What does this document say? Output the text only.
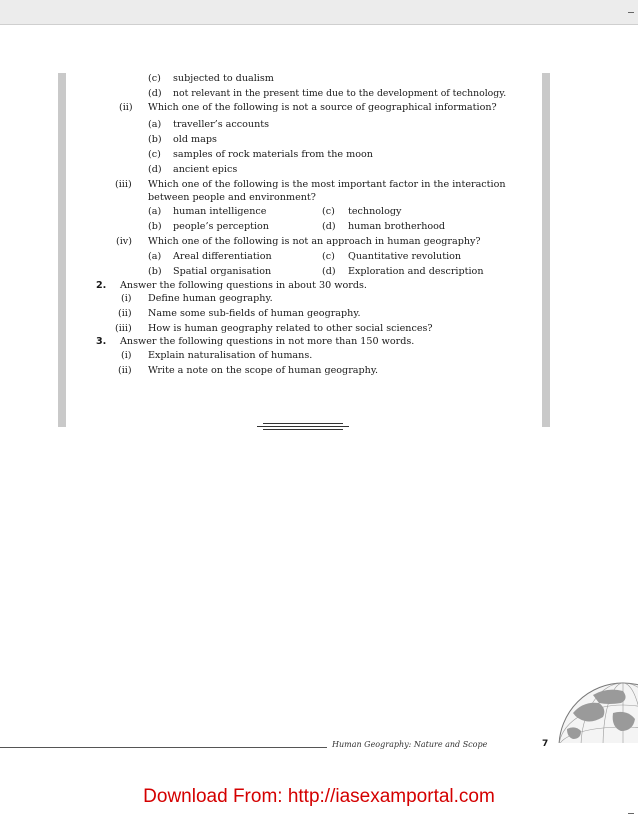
(c) subjected to dualism
(d) not relevant in the present time due to the development of technology.
(ii) Which one of the following is not a source of geographical information?
(a) traveller’s accounts
(b) old maps
(c) samples of rock materials from the moon
(d) ancient epics
(iii) Which one of the following is the most important factor in the interaction
between people and environment?
(a) human intelligence	(c) technology
(b) people’s perception	(d) human brotherhood
(iv) Which one of the following is not an approach in human geography?
(a) Areal differentiation	(c) Quantitative revolution
(b) Spatial organisation	(d) Exploration and description
2. Answer the following questions in about 30 words.
(i) Define human geography.
(ii) Name some sub-fields of human geography.
(iii) How is human geography related to other social sciences?
3. Answer the following questions in not more than 150 words.
(i) Explain naturalisation of humans.
(ii) Write a note on the scope of human geography.
Human Geography: Nature and Scope	7
Download From: http://iasexamportal.com
